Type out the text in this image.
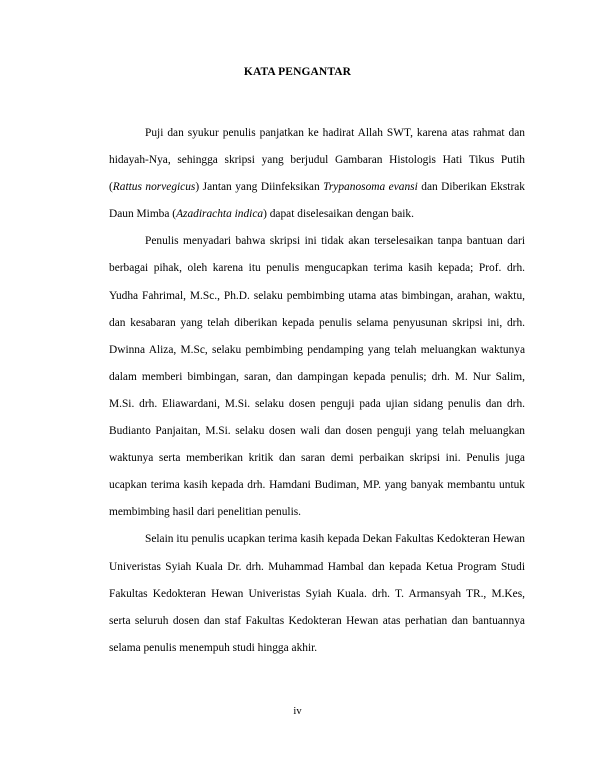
KATA PENGANTAR

Puji dan syukur penulis panjatkan ke hadirat Allah SWT, karena atas rahmat dan hidayah-Nya, sehingga skripsi yang berjudul Gambaran Histologis Hati Tikus Putih (Rattus norvegicus) Jantan yang Diinfeksikan Trypanosoma evansi dan Diberikan Ekstrak Daun Mimba (Azadirachta indica) dapat diselesaikan dengan baik.

Penulis menyadari bahwa skripsi ini tidak akan terselesaikan tanpa bantuan dari berbagai pihak, oleh karena itu penulis mengucapkan terima kasih kepada; Prof. drh. Yudha Fahrimal, M.Sc., Ph.D. selaku pembimbing utama atas bimbingan, arahan, waktu, dan kesabaran yang telah diberikan kepada penulis selama penyusunan skripsi ini, drh. Dwinna Aliza, M.Sc, selaku pembimbing pendamping yang telah meluangkan waktunya dalam memberi bimbingan, saran, dan dampingan kepada penulis; drh. M. Nur Salim, M.Si. drh. Eliawardani, M.Si. selaku dosen penguji pada ujian sidang penulis dan drh. Budianto Panjaitan, M.Si. selaku dosen wali dan dosen penguji yang telah meluangkan waktunya serta memberikan kritik dan saran demi perbaikan skripsi ini. Penulis juga ucapkan terima kasih kepada drh. Hamdani Budiman, MP. yang banyak membantu untuk membimbing hasil dari penelitian penulis.

Selain itu penulis ucapkan terima kasih kepada Dekan Fakultas Kedokteran Hewan Univeristas Syiah Kuala Dr. drh. Muhammad Hambal dan kepada Ketua Program Studi Fakultas Kedokteran Hewan Univeristas Syiah Kuala. drh. T. Armansyah TR., M.Kes, serta seluruh dosen dan staf Fakultas Kedokteran Hewan atas perhatian dan bantuannya selama penulis menempuh studi hingga akhir.

iv
